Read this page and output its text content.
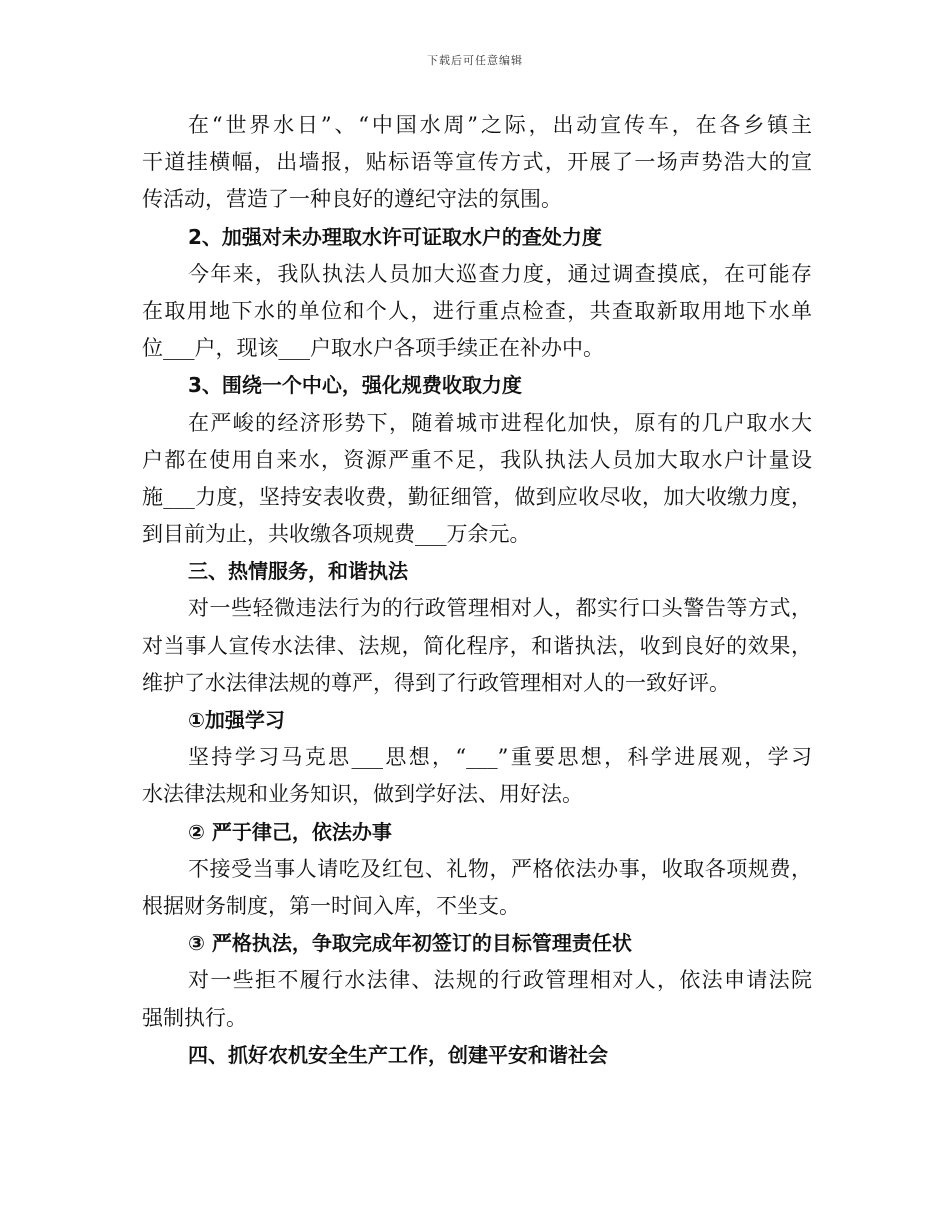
下载后可任意编辑
在“世界水日”、“中国水周”之际，出动宣传车，在各乡镇主
干道挂横幅，出墙报，贴标语等宣传方式，开展了一场声势浩大的宣
传活动，营造了一种良好的遵纪守法的氛围。
2、加强对未办理取水许可证取水户的查处力度
今年来，我队执法人员加大巡查力度，通过调查摸底，在可能存
在取用地下水的单位和个人，进行重点检查，共查取新取用地下水单
位___户，现该___户取水户各项手续正在补办中。
3、围绕一个中心，强化规费收取力度
在严峻的经济形势下，随着城市进程化加快，原有的几户取水大
户都在使用自来水，资源严重不足，我队执法人员加大取水户计量设
施___力度，坚持安表收费，勤征细管，做到应收尽收，加大收缴力度，
到目前为止，共收缴各项规费___万余元。
三、热情服务，和谐执法
对一些轻微违法行为的行政管理相对人，都实行口头警告等方式，
对当事人宣传水法律、法规，简化程序，和谐执法，收到良好的效果，
维护了水法律法规的尊严，得到了行政管理相对人的一致好评。
①加强学习
坚持学习马克思___思想，“___”重要思想，科学进展观，学习
水法律法规和业务知识，做到学好法、用好法。
② 严于律己，依法办事
不接受当事人请吃及红包、礼物，严格依法办事，收取各项规费，
根据财务制度，第一时间入库，不坐支。
③ 严格执法，争取完成年初签订的目标管理责任状
对一些拒不履行水法律、法规的行政管理相对人，依法申请法院
强制执行。
四、抓好农机安全生产工作，创建平安和谐社会
